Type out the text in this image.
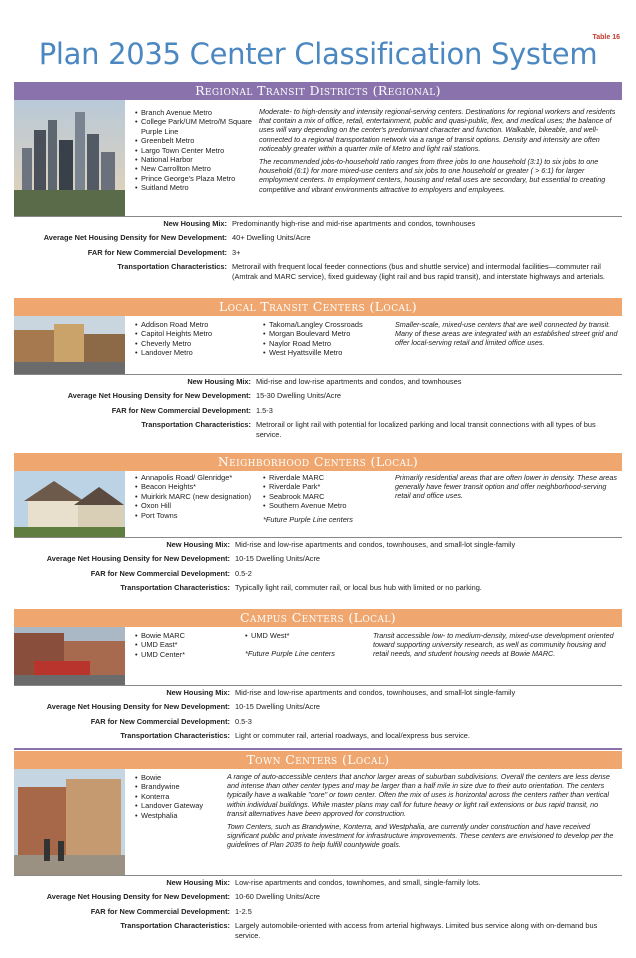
Table 16
Plan 2035 Center Classification System
Regional Transit Districts (Regional)
• Branch Avenue Metro
• College Park/UM Metro/M Square Purple Line
• Greenbelt Metro
• Largo Town Center Metro
• National Harbor
• New Carrollton Metro
• Prince George's Plaza Metro
• Suitland Metro

Moderate- to high-density and intensity regional-serving centers. Destinations for regional workers and residents that contain a mix of office, retail, entertainment, public and quasi-public, flex, and medical uses; the balance of uses will vary depending on the center's predominant character and function. Walkable, bikeable, and well-connected to a regional transportation network via a range of transit options. Density and intensity are often noticeably greater within a quarter mile of Metro and light rail stations.

The recommended jobs-to-household ratio ranges from three jobs to one household (3:1) to six jobs to one household (6:1) for more mixed-use centers and six jobs to one household or greater ( > 6:1) for larger employment centers. In employment centers, housing and retail uses are secondary, but essential to creating competitive and vibrant environments attractive to employers and employees.

New Housing Mix: Predominantly high-rise and mid-rise apartments and condos, townhouses
Average Net Housing Density for New Development: 40+ Dwelling Units/Acre
FAR for New Commercial Development: 3+
Transportation Characteristics: Metrorail with frequent local feeder connections (bus and shuttle service) and intermodal facilities—commuter rail (Amtrak and MARC service), fixed guideway (light rail and bus rapid transit), and interstate highways and arterials.
Local Transit Centers (Local)
• Addison Road Metro
• Capitol Heights Metro
• Cheverly Metro
• Landover Metro
• Takoma/Langley Crossroads
• Morgan Boulevard Metro
• Naylor Road Metro
• West Hyattsville Metro
Smaller-scale, mixed-use centers that are well connected by transit. Many of these areas are integrated with an established street grid and offer local-serving retail and limited office uses.
New Housing Mix: Mid-rise and low-rise apartments and condos, and townhouses
Average Net Housing Density for New Development: 15-30 Dwelling Units/Acre
FAR for New Commercial Development: 1.5-3
Transportation Characteristics: Metrorail or light rail with potential for localized parking and local transit connections with all types of bus service.
Neighborhood Centers (Local)
• Annapolis Road/ Glenridge*
• Beacon Heights*
• Muirkirk MARC (new designation)
• Oxon Hill
• Port Towns
• Riverdale MARC
• Riverdale Park*
• Seabrook MARC
• Southern Avenue Metro
*Future Purple Line centers
Primarily residential areas that are often lower in density. These areas generally have fewer transit option and offer neighborhood-serving retail and office uses.
New Housing Mix: Mid-rise and low-rise apartments and condos, townhouses, and small-lot single-family
Average Net Housing Density for New Development: 10-15 Dwelling Units/Acre
FAR for New Commercial Development: 0.5-2
Transportation Characteristics: Typically light rail, commuter rail, or local bus hub with limited or no parking.
Campus Centers (Local)
• Bowie MARC
• UMD East*
• UMD Center*
• UMD West*
*Future Purple Line centers
Transit accessible low- to medium-density, mixed-use development oriented toward supporting university research, as well as community housing and retail needs, and student housing needs at Bowie MARC.
New Housing Mix: Mid-rise and low-rise apartments and condos, townhouses, and small-lot single-family
Average Net Housing Density for New Development: 10-15 Dwelling Units/Acre
FAR for New Commercial Development: 0.5-3
Transportation Characteristics: Light or commuter rail, arterial roadways, and local/express bus service.
Town Centers (Local)
• Bowie
• Brandywine
• Konterra
• Landover Gateway
• Westphalia

A range of auto-accessible centers that anchor larger areas of suburban subdivisions. Overall the centers are less dense and intense than other center types and may be larger than a half mile in size due to their auto orientation. The centers typically have a walkable "core" or town center. Often the mix of uses is horizontal across the centers rather than vertical within individual buildings. While master plans may call for future heavy or light rail extensions or bus rapid transit, no transit alternatives have been approved for construction.

Town Centers, such as Brandywine, Konterra, and Westphalia, are currently under construction and have received significant public and private investment for infrastructure improvements. These centers are envisioned to develop per the guidelines of Plan 2035 to help fulfill countywide goals.

New Housing Mix: Low-rise apartments and condos, townhomes, and small, single-family lots.
Average Net Housing Density for New Development: 10-60 Dwelling Units/Acre
FAR for New Commercial Development: 1-2.5
Transportation Characteristics: Largely automobile-oriented with access from arterial highways. Limited bus service along with on-demand bus service.
